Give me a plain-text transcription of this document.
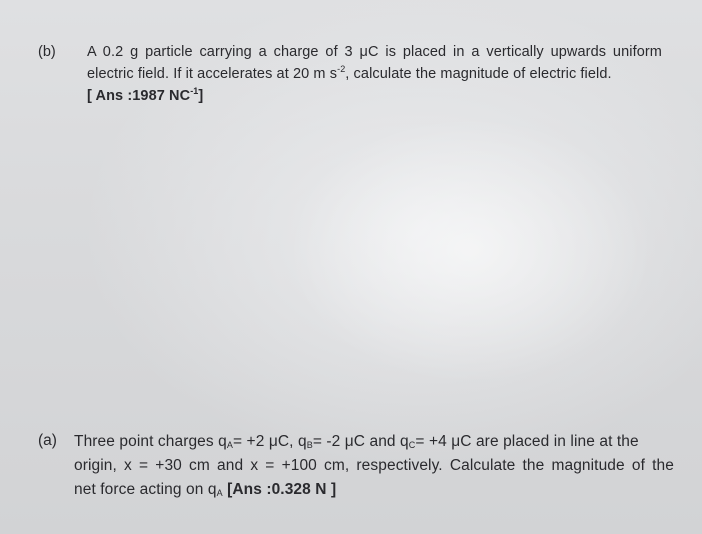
(b) A 0.2 g particle carrying a charge of 3 μC is placed in a vertically upwards uniform
electric field. If it accelerates at 20 m $s^{-2}$, calculate the magnitude of electric field.
[ Ans :1987 $NC^{-1}$]
(a) Three point charges $q_A= +2$ μC, $q_B= -2$ μC and $q_C= +4$ μC are placed in line at the
origin, x = +30 cm and x = +100 cm, respectively. Calculate the magnitude of the
net force acting on $q_A$ [Ans :0.328 N ]
